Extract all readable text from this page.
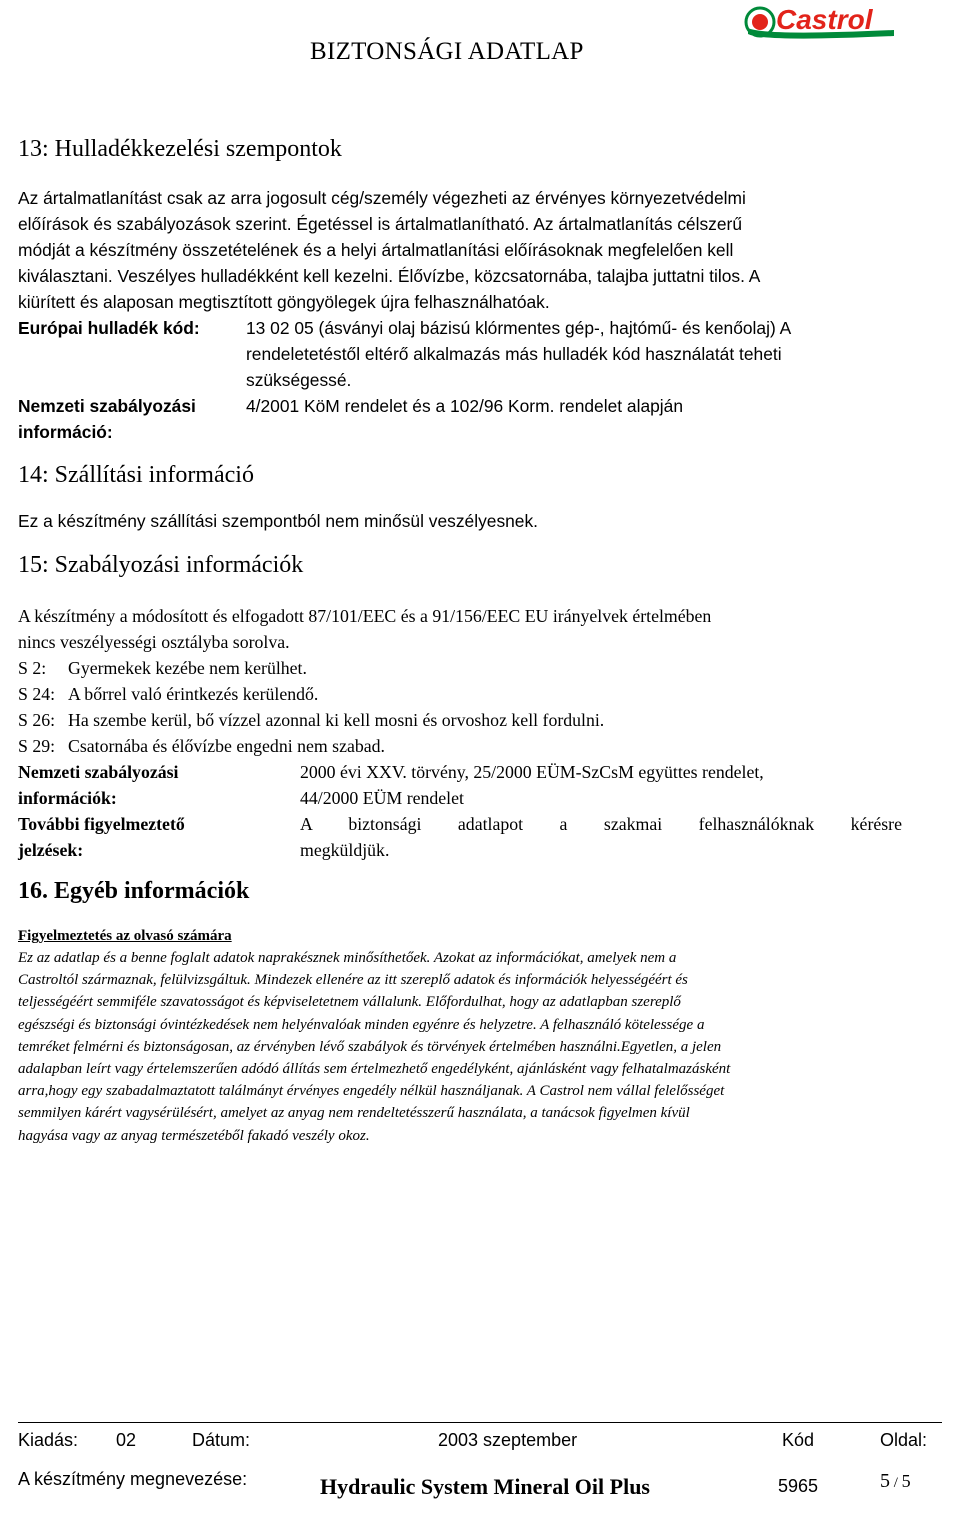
BIZTONSÁGI ADATLAP
Castrol
13: Hulladékkezelési szempontok
Az ártalmatlanítást csak az arra jogosult cég/személy végezheti az érvényes környezetvédelmi
előírások és szabályozások szerint. Égetéssel is ártalmatlanítható. Az ártalmatlanítás célszerű
módját a készítmény összetételének és a helyi ártalmatlanítási előírásoknak megfelelően kell
kiválasztani. Veszélyes hulladékként kell kezelni. Élővízbe, közcsatornába, talajba juttatni tilos. A
kiürített és alaposan megtisztított göngyölegek újra felhasználhatóak.
Európai hulladék kód:	13 02 05 (ásványi olaj bázisú klórmentes gép-, hajtómű- és kenőolaj) A
rendeletetéstől eltérő alkalmazás más hulladék kód használatát teheti
szükségessé.
Nemzeti szabályozási
információ:
4/2001 KöM rendelet és a 102/96 Korm. rendelet alapján
14: Szállítási információ
Ez a készítmény szállítási szempontból nem minősül veszélyesnek.
15: Szabályozási információk
A készítmény a módosított és elfogadott 87/101/EEC és a 91/156/EEC EU irányelvek értelmében
nincs veszélyességi osztályba sorolva.
S 2: Gyermekek kezébe nem kerülhet.
S 24: A bőrrel való érintkezés kerülendő.
S 26: Ha szembe kerül, bő vízzel azonnal ki kell mosni és orvoshoz kell fordulni.
S 29: Csatornába és élővízbe engedni nem szabad.
Nemzeti szabályozási
információk:
2000 évi XXV. törvény, 25/2000 EÜM-SzCsM együttes rendelet,
44/2000 EÜM rendelet
További figyelmeztető
jelzések:
A biztonsági adatlapot a szakmai felhasználóknak kérésre
megküldjük.
16. Egyéb információk
Figyelmeztetés az olvasó számára
Ez az adatlap és a benne foglalt adatok naprakésznek minősíthetőek. Azokat az információkat, amelyek nem a
Castroltól származnak, felülvizsgáltuk. Mindezek ellenére az itt szereplő adatok és információk helyességéért és
teljességéért semmiféle szavatosságot és képviseletetnem vállalunk. Előfordulhat, hogy az adatlapban szereplő
egészségi és biztonsági óvintézkedések nem helyénvalóak minden egyénre és helyzetre. A felhasználó kötelessége a
temréket felmérni és biztonságosan, az érvényben lévő szabályok és törvények értelmében használni.Egyetlen, a jelen
adalapban leírt vagy értelemszerűen adódó állítás sem értelmezhető engedélyként, ajánlásként vagy felhatalmazásként
arra,hogy egy szabadalmaztatott találmányt érvényes engedély nélkül használjanak. A Castrol nem vállal felelősséget
semmilyen kárért vagysérülésért, amelyet az anyag nem rendeltetésszerű használata, a tanácsok figyelmen kívül
hagyása vagy az anyag természetéből fakadó veszély okoz.
Kiadás: 02	Dátum:	2003 szeptember	Kód	Oldal:
A készítmény megnevezése:	Hydraulic System Mineral Oil Plus	5965	5 / 5
